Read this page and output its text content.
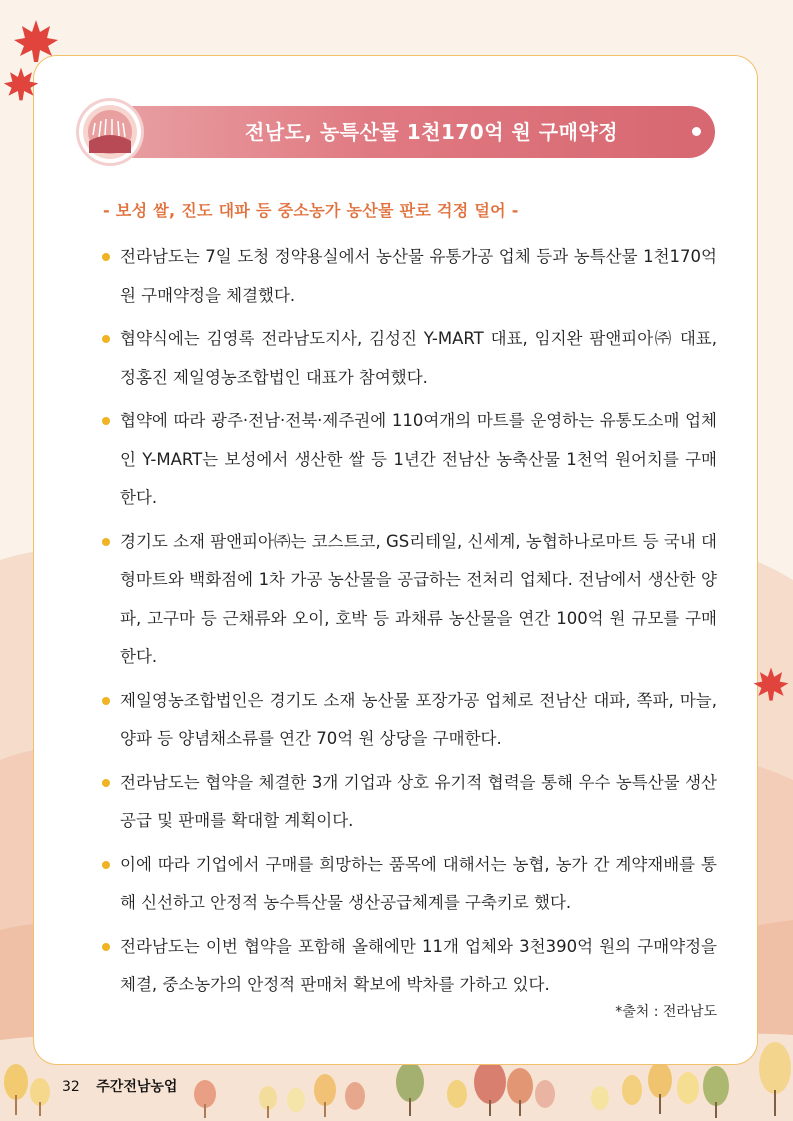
전남도, 농특산물 1천170억 원 구매약정
- 보성 쌀, 진도 대파 등 중소농가 농산물 판로 걱정 덜어 -
전라남도는 7일 도청 정약용실에서 농산물 유통가공 업체 등과 농특산물 1천170억 원 구매약정을 체결했다.
협약식에는 김영록 전라남도지사, 김성진 Y-MART 대표, 임지완 팜앤피아㈜ 대표, 정홍진 제일영농조합법인 대표가 참여했다.
협약에 따라 광주·전남·전북·제주권에 110여개의 마트를 운영하는 유통도소매 업체인 Y-MART는 보성에서 생산한 쌀 등 1년간 전남산 농축산물 1천억 원어치를 구매한다.
경기도 소재 팜앤피아㈜는 코스트코, GS리테일, 신세계, 농협하나로마트 등 국내 대형마트와 백화점에 1차 가공 농산물을 공급하는 전처리 업체다. 전남에서 생산한 양파, 고구마 등 근채류와 오이, 호박 등 과채류 농산물을 연간 100억 원 규모를 구매한다.
제일영농조합법인은 경기도 소재 농산물 포장가공 업체로 전남산 대파, 쪽파, 마늘, 양파 등 양념채소류를 연간 70억 원 상당을 구매한다.
전라남도는 협약을 체결한 3개 기업과 상호 유기적 협력을 통해 우수 농특산물 생산공급 및 판매를 확대할 계획이다.
이에 따라 기업에서 구매를 희망하는 품목에 대해서는 농협, 농가 간 계약재배를 통해 신선하고 안정적 농수특산물 생산공급체계를 구축키로 했다.
전라남도는 이번 협약을 포함해 올해에만 11개 업체와 3천390억 원의 구매약정을 체결, 중소농가의 안정적 판매처 확보에 박차를 가하고 있다.
*출처 : 전라남도
32 주간전남농업
